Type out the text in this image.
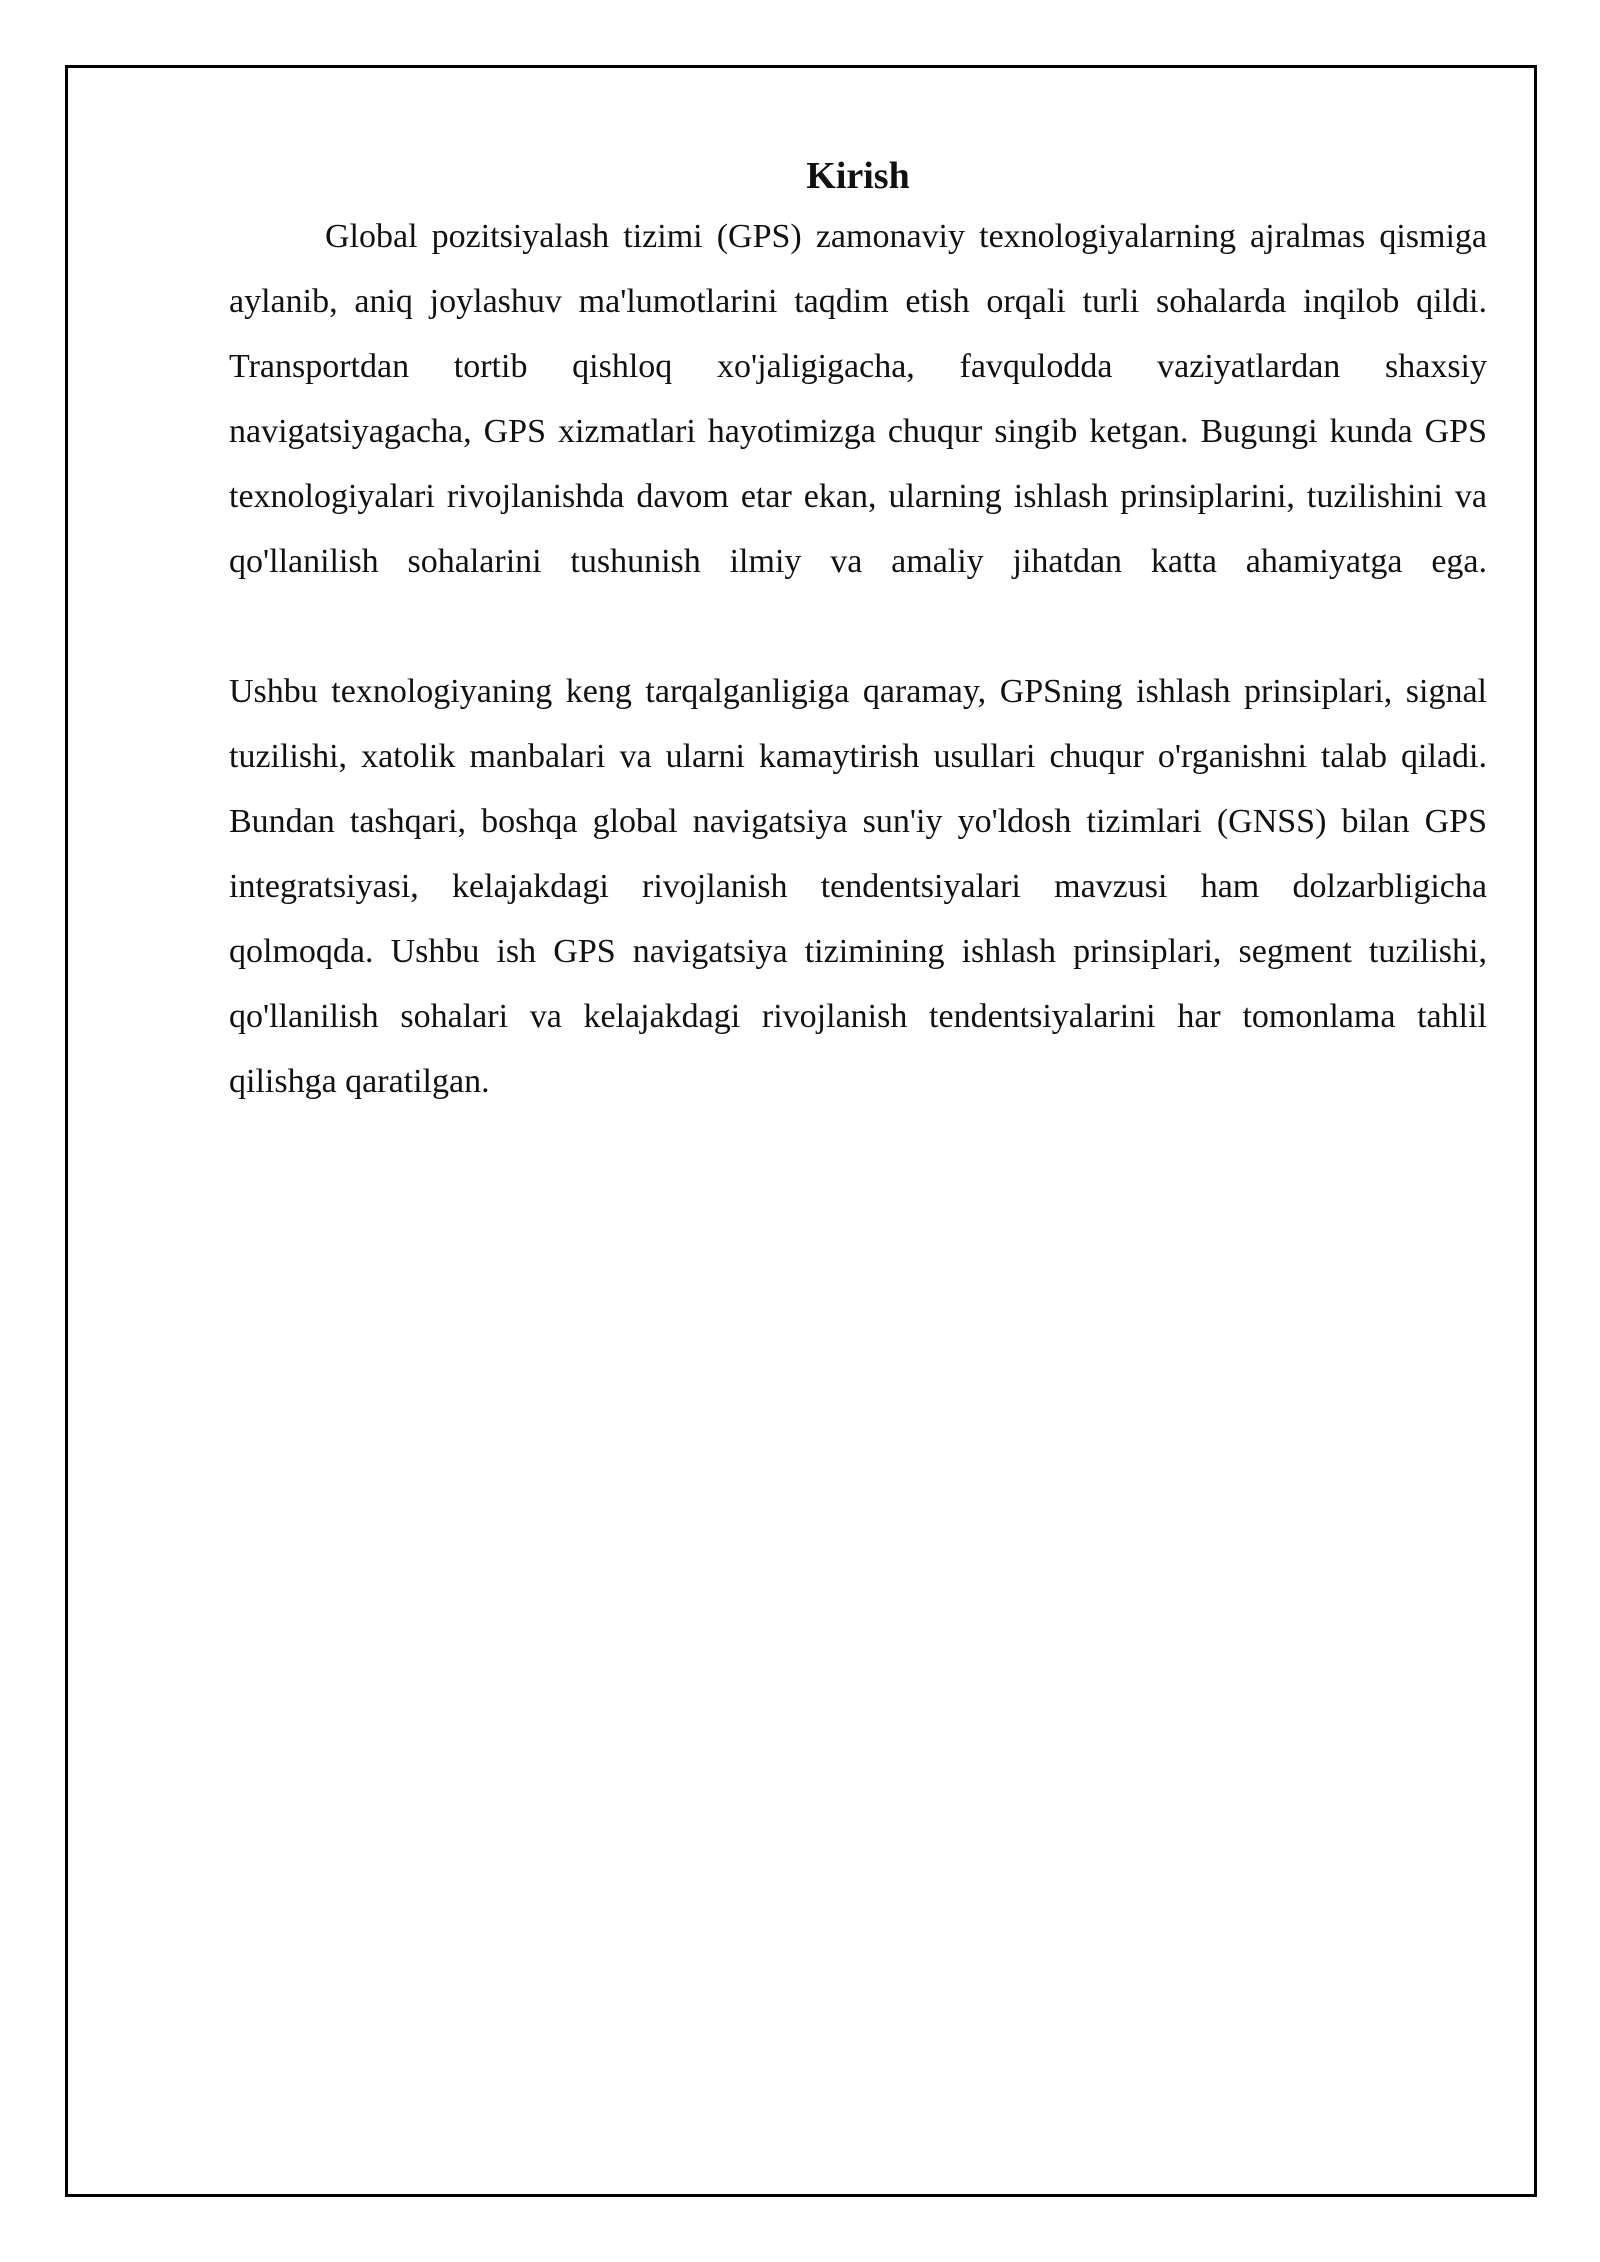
Kirish

Global pozitsiyalash tizimi (GPS) zamonaviy texnologiyalarning ajralmas qismiga aylanib, aniq joylashuv ma'lumotlarini taqdim etish orqali turli sohalarda inqilob qildi. Transportdan tortib qishloq xo'jaligigacha, favqulodda vaziyatlardan shaxsiy navigatsiyagacha, GPS xizmatlari hayotimizga chuqur singib ketgan. Bugungi kunda GPS texnologiyalari rivojlanishda davom etar ekan, ularning ishlash prinsiplarini, tuzilishini va qo'llanilish sohalarini tushunish ilmiy va amaliy jihatdan katta ahamiyatga ega.

Ushbu texnologiyaning keng tarqalganligiga qaramay, GPSning ishlash prinsiplari, signal tuzilishi, xatolik manbalari va ularni kamaytirish usullari chuqur o'rganishni talab qiladi. Bundan tashqari, boshqa global navigatsiya sun'iy yo'ldosh tizimlari (GNSS) bilan GPS integratsiyasi, kelajakdagi rivojlanish tendentsiyalari mavzusi ham dolzarbligicha qolmoqda. Ushbu ish GPS navigatsiya tizimining ishlash prinsiplari, segment tuzilishi, qo'llanilish sohalari va kelajakdagi rivojlanish tendentsiyalarini har tomonlama tahlil qilishga qaratilgan.
